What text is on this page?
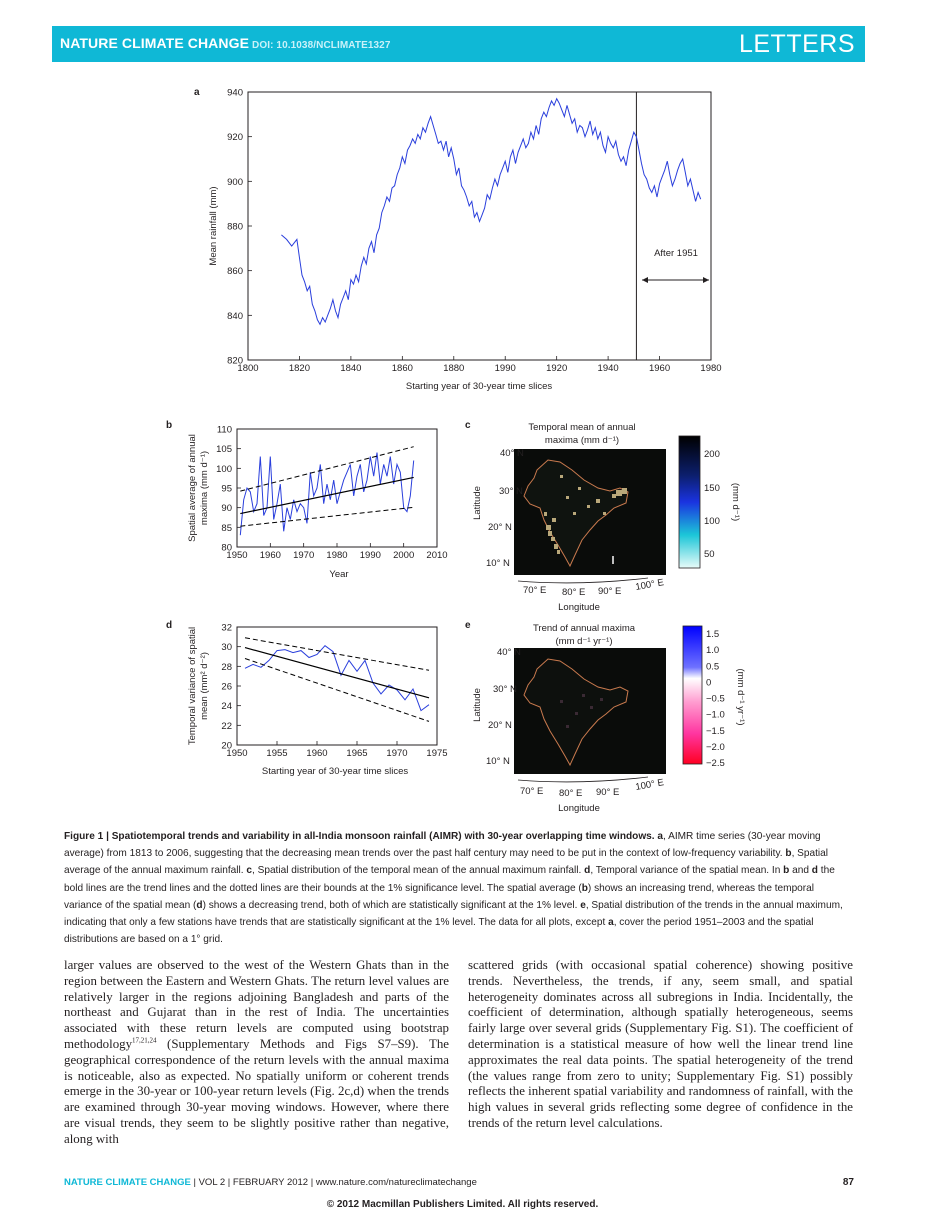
NATURE CLIMATE CHANGE DOI: 10.1038/NCLIMATE1327	LETTERS
a
1800	1820	1840	1860	1880	1990	1920	1940	1960	1980
820
840
860
880
900
920
940
Mean rainfall (mm)
Starting year of 30-year time slices
After 1951
b
1950 1960 1970 1980 1990 2000 2010
80
85
90
95
100
105
110
Spatial average of annual maxima (mm d⁻¹)
Year
c	Temporal mean of annual
maxima (mm d⁻¹)
40° N
30° N
20° N
10° N
70° E 80° E 90° E 100° E
Longitude
Latitude
200
150
100
50
(mm d⁻¹)
d
1950 1955 1960 1965 1970 1975
20
22
24
26
28
30
32
Temporal variance of spatial mean (mm² d⁻²)
Starting year of 30-year time slices
e	Trend of annual maxima
(mm d⁻¹ yr⁻¹)
40° N
30° N
20° N
10° N
70° E 80° E 90° E 100° E
Longitude
Latitude
1.5
1.0
0.5
0
−0.5
−1.0
−1.5
−2.0
−2.5
(mm d⁻¹ yr⁻¹)
Figure 1 | Spatiotemporal trends and variability in all-India monsoon rainfall (AIMR) with 30-year overlapping time windows. a, AIMR time series (30-year moving average) from 1813 to 2006, suggesting that the decreasing mean trends over the past half century may need to be put in the context of low-frequency variability. b, Spatial average of the annual maximum rainfall. c, Spatial distribution of the temporal mean of the annual maximum rainfall. d, Temporal variance of the spatial mean. In b and d the bold lines are the trend lines and the dotted lines are their bounds at the 1% significance level. The spatial average (b) shows an increasing trend, whereas the temporal variance of the spatial mean (d) shows a decreasing trend, both of which are statistically significant at the 1% level. e, Spatial distribution of the trends in the annual maximum, indicating that only a few stations have trends that are statistically significant at the 1% level. The data for all plots, except a, cover the period 1951–2003 and the spatial distributions are based on a 1° grid.
larger values are observed to the west of the Western Ghats than in the region between the Eastern and Western Ghats. The return level values are relatively larger in the regions adjoining Bangladesh and parts of the northeast and Gujarat than in the rest of India. The uncertainties associated with these return levels are computed using bootstrap methodology$^{17,21,24}$ (Supplementary Methods and Figs S7–S9). The geographical correspondence of the return levels with the annual maxima is noticeable, also as expected. No spatially uniform or coherent trends emerge in the 30-year or 100-year return levels (Fig. 2c,d) when the trends are examined through 30-year moving windows. However, where there are visual trends, they seem to be slightly positive rather than negative, along with
scattered grids (with occasional spatial coherence) showing positive trends. Nevertheless, the trends, if any, seem small, and spatial heterogeneity dominates across all subregions in India. Incidentally, the coefficient of determination, although spatially heterogeneous, seems fairly large over several grids (Supplementary Fig. S1). The coefficient of determination is a statistical measure of how well the linear trend line approximates the real data points. The spatial heterogeneity of the trend (the values range from zero to unity; Supplementary Fig. S1) possibly reflects the inherent spatial variability and randomness of rainfall, with the high values in several grids reflecting some degree of confidence in the trends of the return level calculations.
NATURE CLIMATE CHANGE | VOL 2 | FEBRUARY 2012 | www.nature.com/natureclimatechange	87
© 2012 Macmillan Publishers Limited. All rights reserved.
